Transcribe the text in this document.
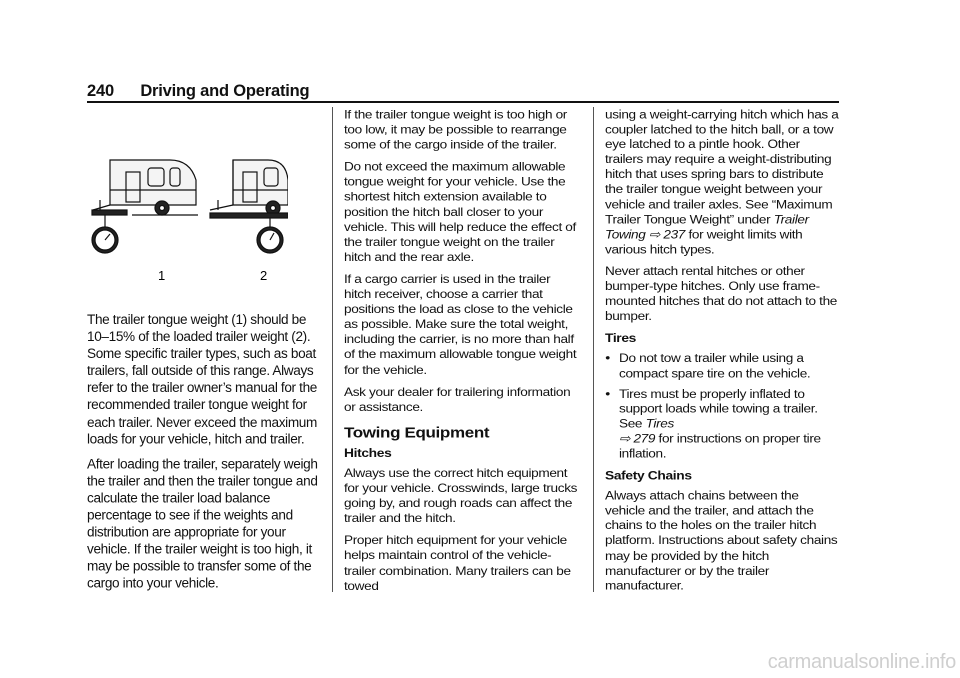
240 Driving and Operating
1	2

The trailer tongue weight (1) should be 10–15% of the loaded trailer weight (2). Some specific trailer types, such as boat trailers, fall outside of this range. Always refer to the trailer owner’s manual for the recommended trailer tongue weight for each trailer. Never exceed the maximum loads for your vehicle, hitch and trailer.

After loading the trailer, separately weigh the trailer and then the trailer tongue and calculate the trailer load balance percentage to see if the weights and distribution are appropriate for your vehicle. If the trailer weight is too high, it may be possible to transfer some of the cargo into your vehicle.

If the trailer tongue weight is too high or too low, it may be possible to rearrange some of the cargo inside of the trailer.

Do not exceed the maximum allowable tongue weight for your vehicle. Use the shortest hitch extension available to position the hitch ball closer to your vehicle. This will help reduce the effect of the trailer tongue weight on the trailer hitch and the rear axle.

If a cargo carrier is used in the trailer hitch receiver, choose a carrier that positions the load as close to the vehicle as possible. Make sure the total weight, including the carrier, is no more than half of the maximum allowable tongue weight for the vehicle.

Ask your dealer for trailering information or assistance.

Towing Equipment
Hitches

Always use the correct hitch equipment for your vehicle. Crosswinds, large trucks going by, and rough roads can affect the trailer and the hitch.

Proper hitch equipment for your vehicle helps maintain control of the vehicle-trailer combination. Many trailers can be towed

using a weight-carrying hitch which has a coupler latched to the hitch ball, or a tow eye latched to a pintle hook. Other trailers may require a weight-distributing hitch that uses spring bars to distribute the trailer tongue weight between your vehicle and trailer axles. See “Maximum Trailer Tongue Weight” under Trailer Towing ⇨ 237 for weight limits with various hitch types.

Never attach rental hitches or other bumper-type hitches. Only use frame-mounted hitches that do not attach to the bumper.

Tires
● Do not tow a trailer while using a compact spare tire on the vehicle.
● Tires must be properly inflated to support loads while towing a trailer. See Tires
⇨ 279 for instructions on proper tire inflation.
Safety Chains

Always attach chains between the vehicle and the trailer, and attach the chains to the holes on the trailer hitch platform. Instructions about safety chains may be provided by the hitch manufacturer or by the trailer manufacturer.

carmanualsonline.info
